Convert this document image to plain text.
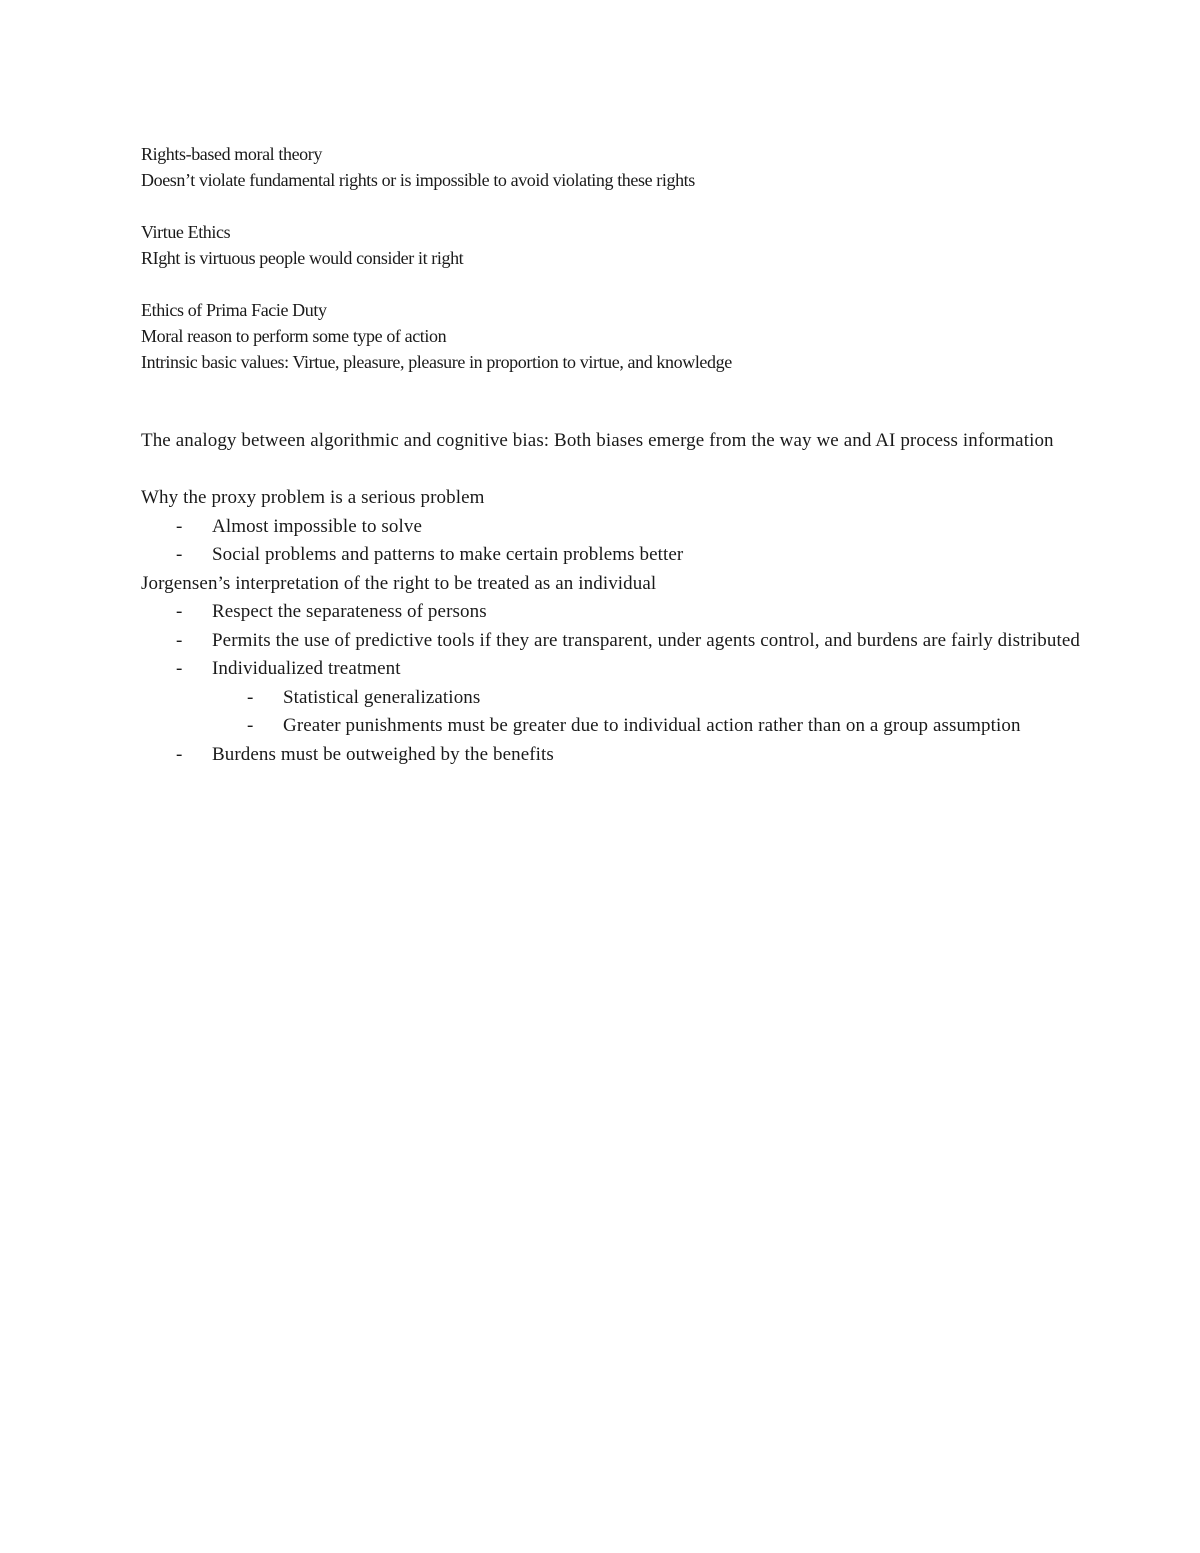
Rights-based moral theory

Doesn’t violate fundamental rights or is impossible to avoid violating these rights

Virtue Ethics

RIght is virtuous people would consider it right

Ethics of Prima Facie Duty

Moral reason to perform some type of action

Intrinsic basic values: Virtue, pleasure, pleasure in proportion to virtue, and knowledge

The analogy between algorithmic and cognitive bias: Both biases emerge from the way we and AI process information

Why the proxy problem is a serious problem

- Almost impossible to solve
- Social problems and patterns to make certain problems better

Jorgensen’s interpretation of the right to be treated as an individual

- Respect the separateness of persons
- Permits the use of predictive tools if they are transparent, under agents control, and burdens are fairly distributed
- Individualized treatment
- Statistical generalizations
- Greater punishments must be greater due to individual action rather than on a group assumption
- Burdens must be outweighed by the benefits
